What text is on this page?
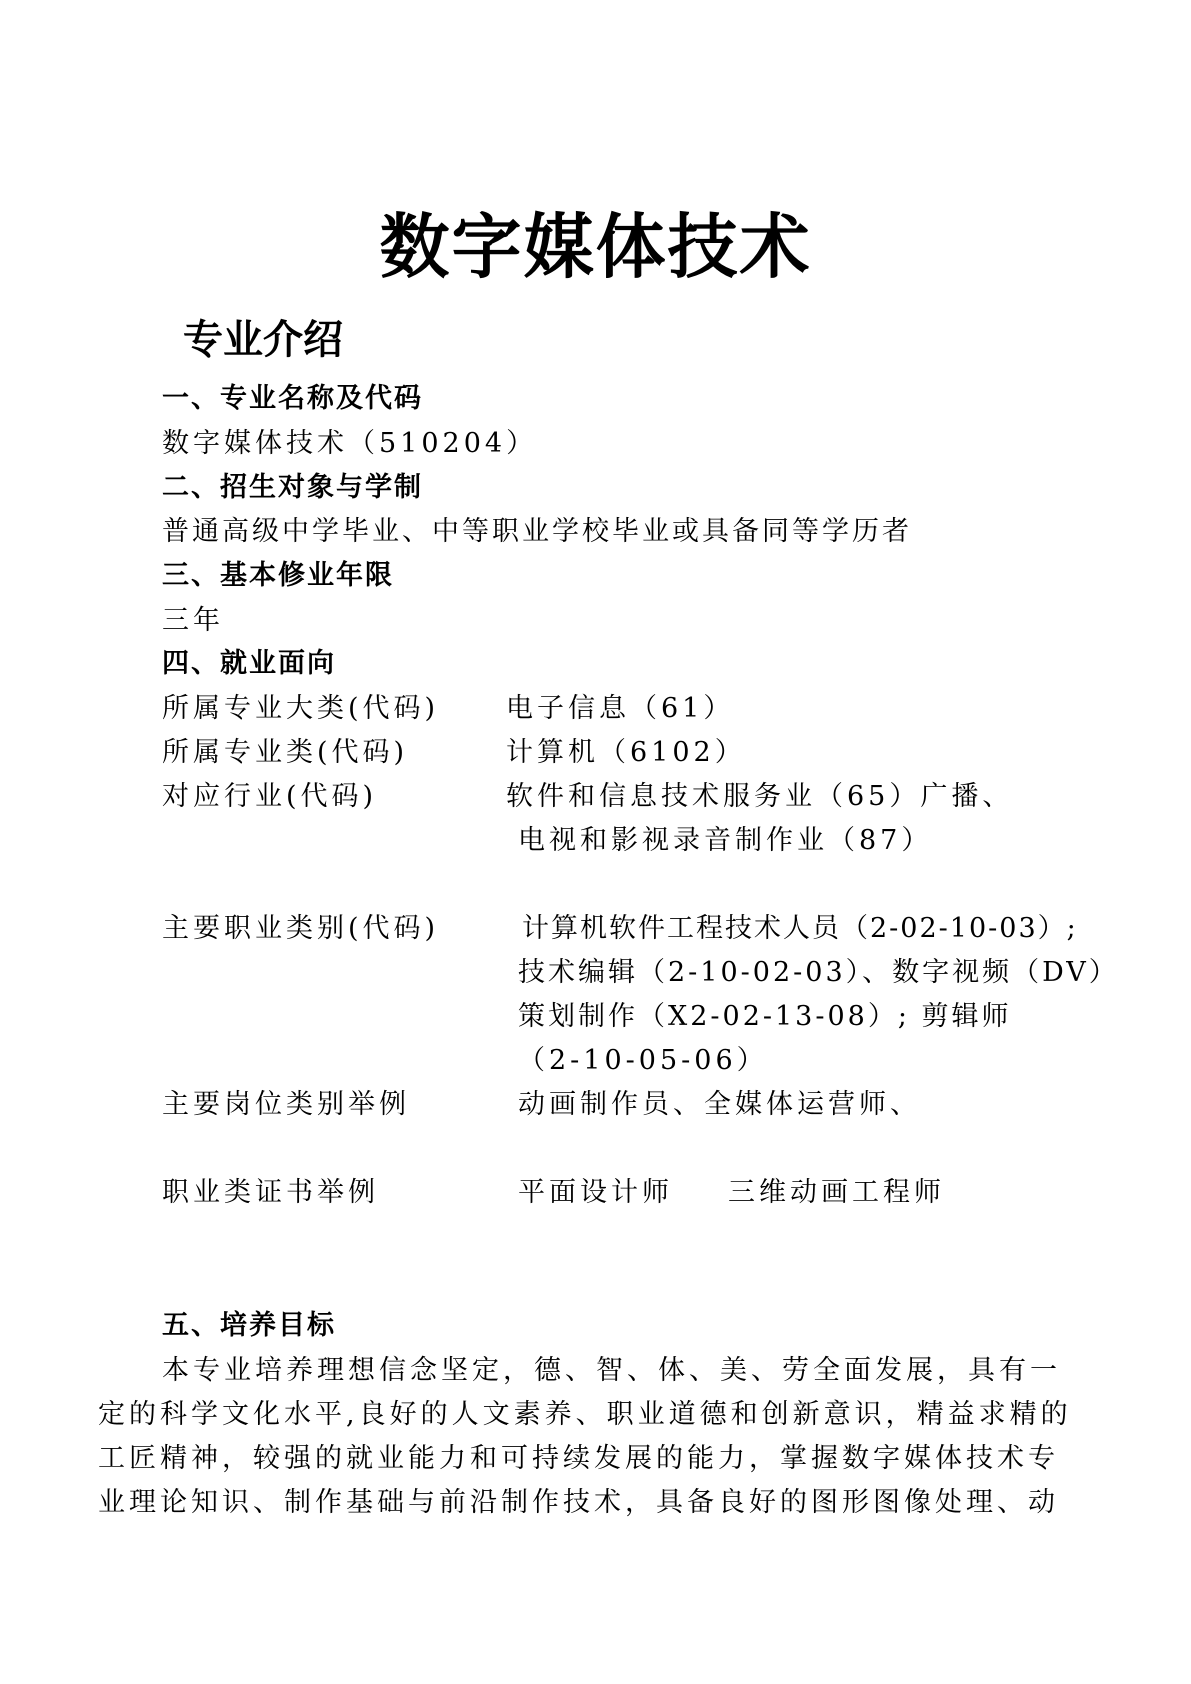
数字媒体技术
专业介绍
一、专业名称及代码
数字媒体技术（510204）
二、招生对象与学制
普通高级中学毕业、中等职业学校毕业或具备同等学历者
三、基本修业年限
三年
四、就业面向
所属专业大类(代码) 电子信息（61）
所属专业类(代码)	计算机（6102）
对应行业(代码)	软件和信息技术服务业（65）广播、
电视和影视录音制作业（87）
主要职业类别(代码)	计算机软件工程技术人员（2-02-10-03）;
技术编辑（2-10-02-03）、数字视频（DV）
策划制作（X2-02-13-08）; 剪辑师
（2-10-05-06）
主要岗位类别举例	动画制作员、全媒体运营师、
职业类证书举例	平面设计师 三维动画工程师
五、培养目标
本专业培养理想信念坚定，德、智、体、美、劳全面发展，具有一
定的科学文化水平,良好的人文素养、职业道德和创新意识，精益求精的
工匠精神，较强的就业能力和可持续发展的能力，掌握数字媒体技术专
业理论知识、制作基础与前沿制作技术，具备良好的图形图像处理、动
